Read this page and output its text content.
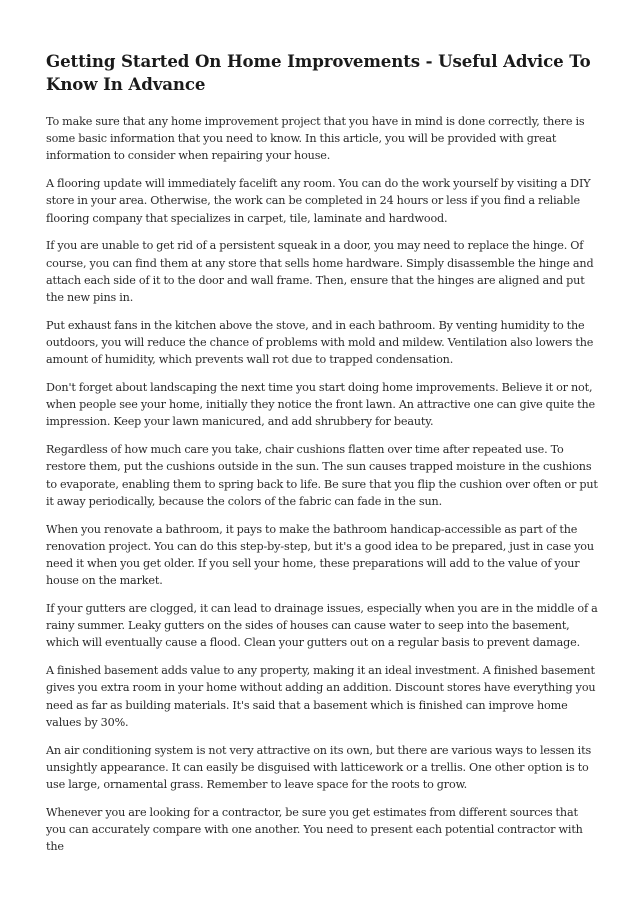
Getting Started On Home Improvements - Useful Advice To Know In Advance

To make sure that any home improvement project that you have in mind is done correctly, there is some basic information that you need to know. In this article, you will be provided with great information to consider when repairing your house.

A flooring update will immediately facelift any room. You can do the work yourself by visiting a DIY store in your area. Otherwise, the work can be completed in 24 hours or less if you find a reliable flooring company that specializes in carpet, tile, laminate and hardwood.

If you are unable to get rid of a persistent squeak in a door, you may need to replace the hinge. Of course, you can find them at any store that sells home hardware. Simply disassemble the hinge and attach each side of it to the door and wall frame. Then, ensure that the hinges are aligned and put the new pins in.

Put exhaust fans in the kitchen above the stove, and in each bathroom. By venting humidity to the outdoors, you will reduce the chance of problems with mold and mildew. Ventilation also lowers the amount of humidity, which prevents wall rot due to trapped condensation.

Don't forget about landscaping the next time you start doing home improvements. Believe it or not, when people see your home, initially they notice the front lawn. An attractive one can give quite the impression. Keep your lawn manicured, and add shrubbery for beauty.

Regardless of how much care you take, chair cushions flatten over time after repeated use. To restore them, put the cushions outside in the sun. The sun causes trapped moisture in the cushions to evaporate, enabling them to spring back to life. Be sure that you flip the cushion over often or put it away periodically, because the colors of the fabric can fade in the sun.

When you renovate a bathroom, it pays to make the bathroom handicap-accessible as part of the renovation project. You can do this step-by-step, but it's a good idea to be prepared, just in case you need it when you get older. If you sell your home, these preparations will add to the value of your house on the market.

If your gutters are clogged, it can lead to drainage issues, especially when you are in the middle of a rainy summer. Leaky gutters on the sides of houses can cause water to seep into the basement, which will eventually cause a flood. Clean your gutters out on a regular basis to prevent damage.

A finished basement adds value to any property, making it an ideal investment. A finished basement gives you extra room in your home without adding an addition. Discount stores have everything you need as far as building materials. It's said that a basement which is finished can improve home values by 30%.

An air conditioning system is not very attractive on its own, but there are various ways to lessen its unsightly appearance. It can easily be disguised with latticework or a trellis. One other option is to use large, ornamental grass. Remember to leave space for the roots to grow.

Whenever you are looking for a contractor, be sure you get estimates from different sources that you can accurately compare with one another. You need to present each potential contractor with the
